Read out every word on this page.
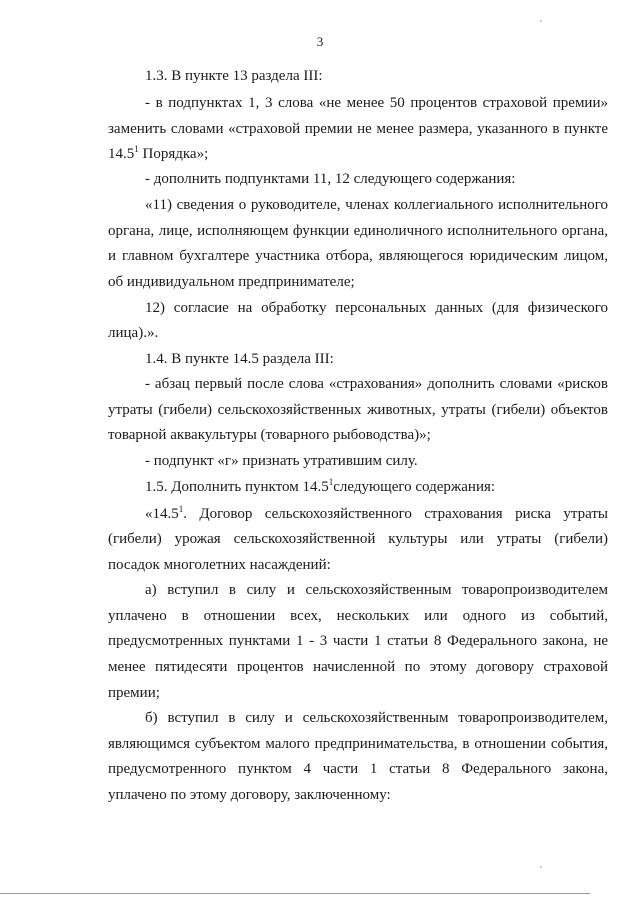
3
1.3. В пункте 13 раздела III:
- в подпунктах 1, 3 слова «не менее 50 процентов страховой премии»
заменить словами «страховой премии не менее размера, указанного в пункте
14.5$^1$ Порядка»;
- дополнить подпунктами 11, 12 следующего содержания:
«11) сведения о руководителе, членах коллегиального исполнительного
органа, лице, исполняющем функции единоличного исполнительного органа,
и главном бухгалтере участника отбора, являющегося юридическим лицом,
об индивидуальном предпринимателе;
12) согласие на обработку персональных данных (для физического
лица).».
1.4. В пункте 14.5 раздела III:
- абзац первый после слова «страхования» дополнить словами «рисков
утраты (гибели) сельскохозяйственных животных, утраты (гибели) объектов
товарной аквакультуры (товарного рыбоводства)»;
- подпункт «г» признать утратившим силу.
1.5. Дополнить пунктом 14.5$^1$следующего содержания:
«14.5$^1$. Договор сельскохозяйственного страхования риска утраты
(гибели) урожая сельскохозяйственной культуры или утраты (гибели)
посадок многолетних насаждений:
а) вступил в силу и сельскохозяйственным товаропроизводителем
уплачено в отношении всех, нескольких или одного из событий,
предусмотренных пунктами 1 - 3 части 1 статьи 8 Федерального закона, не
менее пятидесяти процентов начисленной по этому договору страховой
премии;
б) вступил в силу и сельскохозяйственным товаропроизводителем,
являющимся субъектом малого предпринимательства, в отношении события,
предусмотренного пунктом 4 части 1 статьи 8 Федерального закона,
уплачено по этому договору, заключенному:
